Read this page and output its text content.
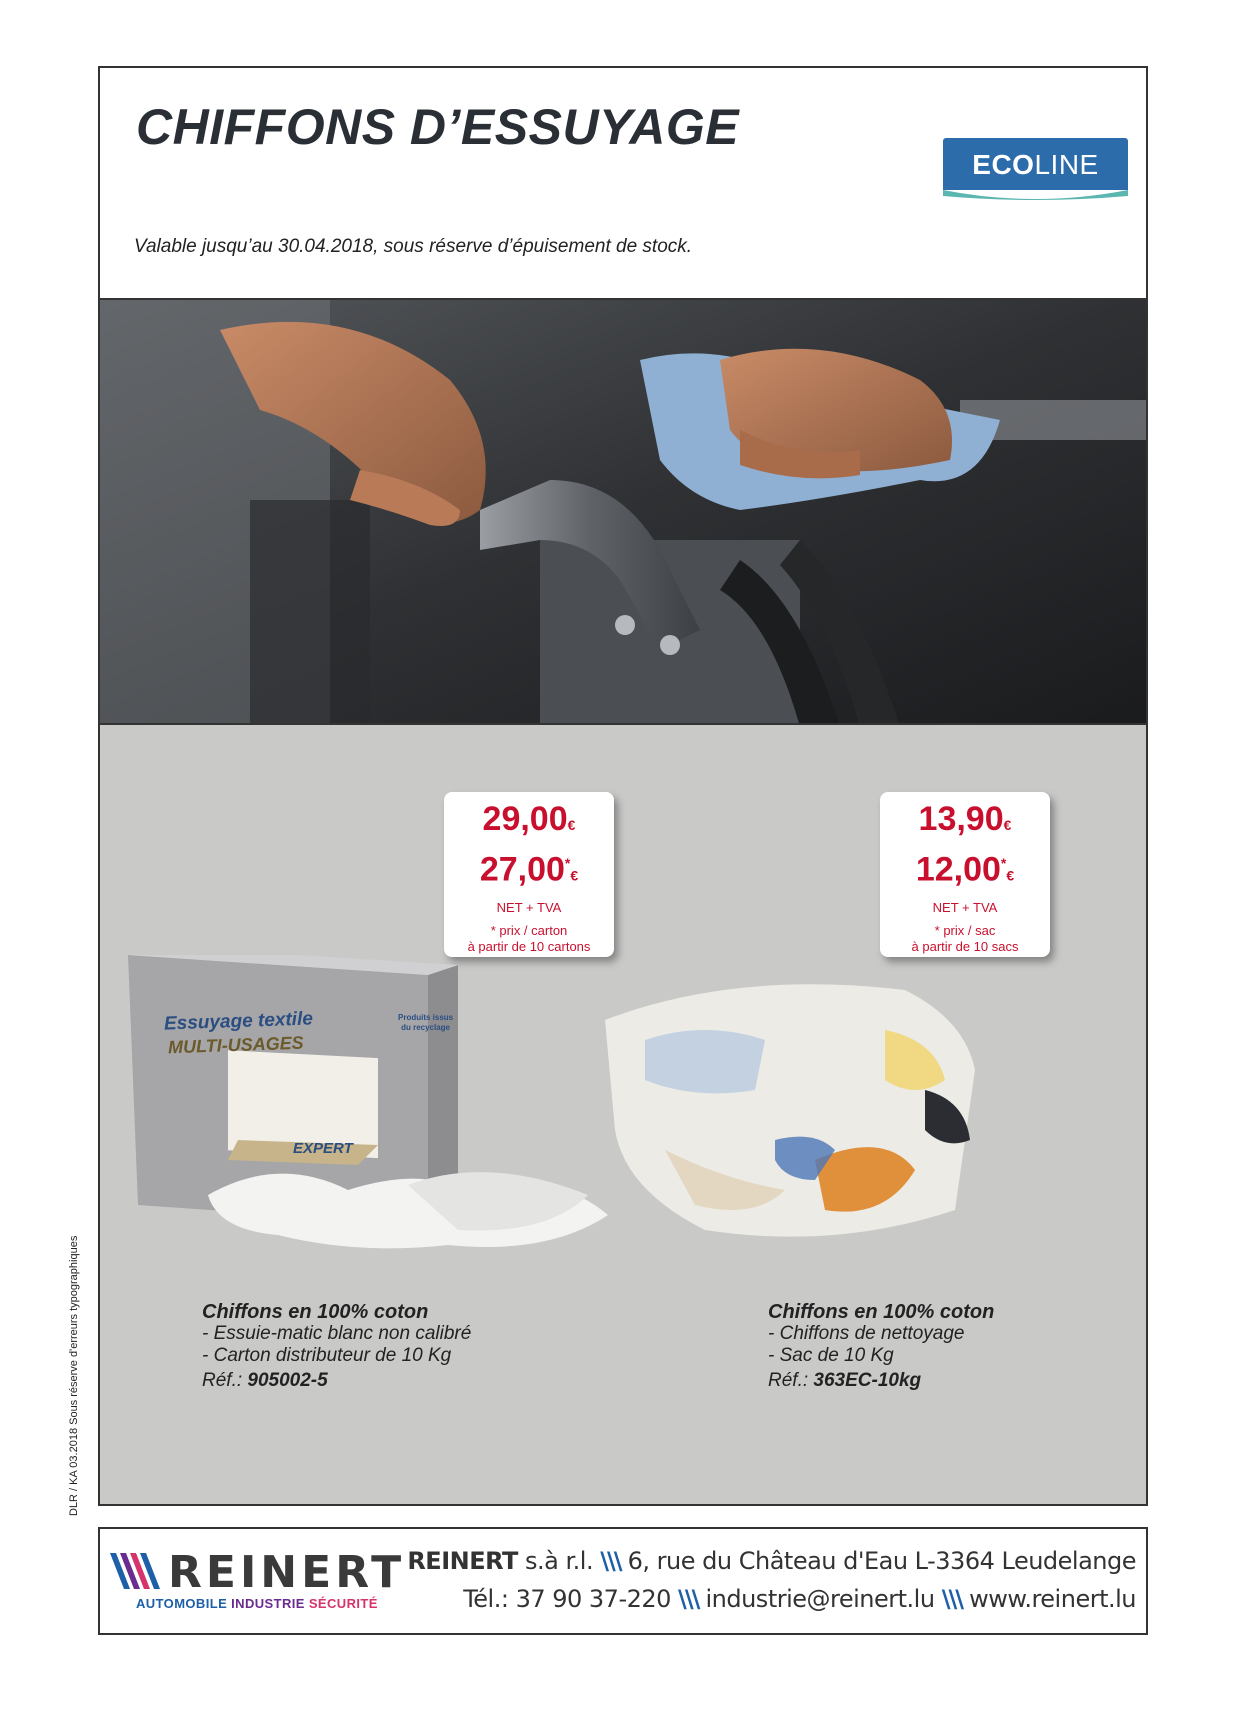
CHIFFONS D’ESSUYAGE
ECOLINE
Valable jusqu’au 30.04.2018, sous réserve d’épuisement de stock.
29,00€
27,00*€
NET + TVA
* prix / carton
à partir de 10 cartons
13,90€
12,00*€
NET + TVA
* prix / sac
à partir de 10 sacs
Essuyage textile
MULTI-USAGES
Produits issus
du recyclage
EXPERT
Chiffons en 100% coton
- Essuie-matic blanc non calibré
- Carton distributeur de 10 Kg
Réf.: 905002-5
Chiffons en 100% coton
- Chiffons de nettoyage
- Sac de 10 Kg
Réf.: 363EC-10kg
DLR / KA 03.2018 Sous réserve d'erreurs typographiques
REINERT
AUTOMOBILE INDUSTRIE SÉCURITÉ
REINERT s.à r.l. \\\ 6, rue du Château d'Eau L-3364 Leudelange
Tél.: 37 90 37-220 \\\ industrie@reinert.lu \\\ www.reinert.lu
